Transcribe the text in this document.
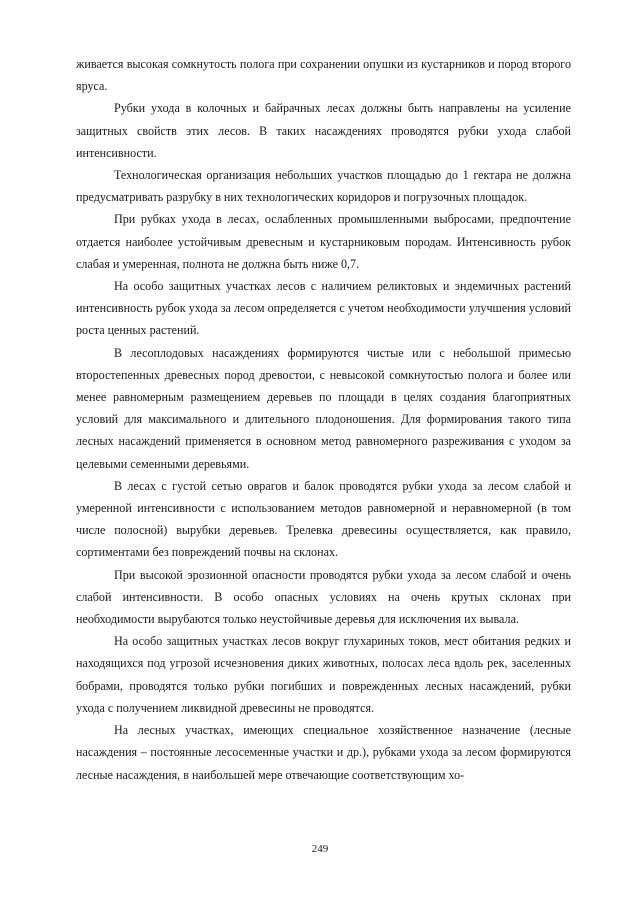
живается высокая сомкнутость полога при сохранении опушки из кустарников и пород второго яруса.

Рубки ухода в колочных и байрачных лесах должны быть направлены на усиление защитных свойств этих лесов. В таких насаждениях проводятся рубки ухода слабой интенсивности.

Технологическая организация небольших участков площадью до 1 гектара не должна предусматривать разрубку в них технологических коридоров и погрузочных площадок.

При рубках ухода в лесах, ослабленных промышленными выбросами, предпочтение отдается наиболее устойчивым древесным и кустарниковым породам. Интенсивность рубок слабая и умеренная, полнота не должна быть ниже 0,7.

На особо защитных участках лесов с наличием реликтовых и эндемичных растений интенсивность рубок ухода за лесом определяется с учетом необходимости улучшения условий роста ценных растений.

В лесоплодовых насаждениях формируются чистые или с небольшой примесью второстепенных древесных пород древостои, с невысокой сомкнутостью полога и более или менее равномерным размещением деревьев по площади в целях создания благоприятных условий для максимального и длительного плодоношения. Для формирования такого типа лесных насаждений применяется в основном метод равномерного разреживания с уходом за целевыми семенными деревьями.

В лесах с густой сетью оврагов и балок проводятся рубки ухода за лесом слабой и умеренной интенсивности с использованием методов равномерной и неравномерной (в том числе полосной) вырубки деревьев. Трелевка древесины осуществляется, как правило, сортиментами без повреждений почвы на склонах.

При высокой эрозионной опасности проводятся рубки ухода за лесом слабой и очень слабой интенсивности. В особо опасных условиях на очень крутых склонах при необходимости вырубаются только неустойчивые деревья для исключения их вывала.

На особо защитных участках лесов вокруг глухариных токов, мест обитания редких и находящихся под угрозой исчезновения диких животных, полосах леса вдоль рек, заселенных бобрами, проводятся только рубки погибших и поврежденных лесных насаждений, рубки ухода с получением ликвидной древесины не проводятся.

На лесных участках, имеющих специальное хозяйственное назначение (лесные насаждения – постоянные лесосеменные участки и др.), рубками ухода за лесом формируются лесные насаждения, в наибольшей мере отвечающие соответствующим хо-

249
